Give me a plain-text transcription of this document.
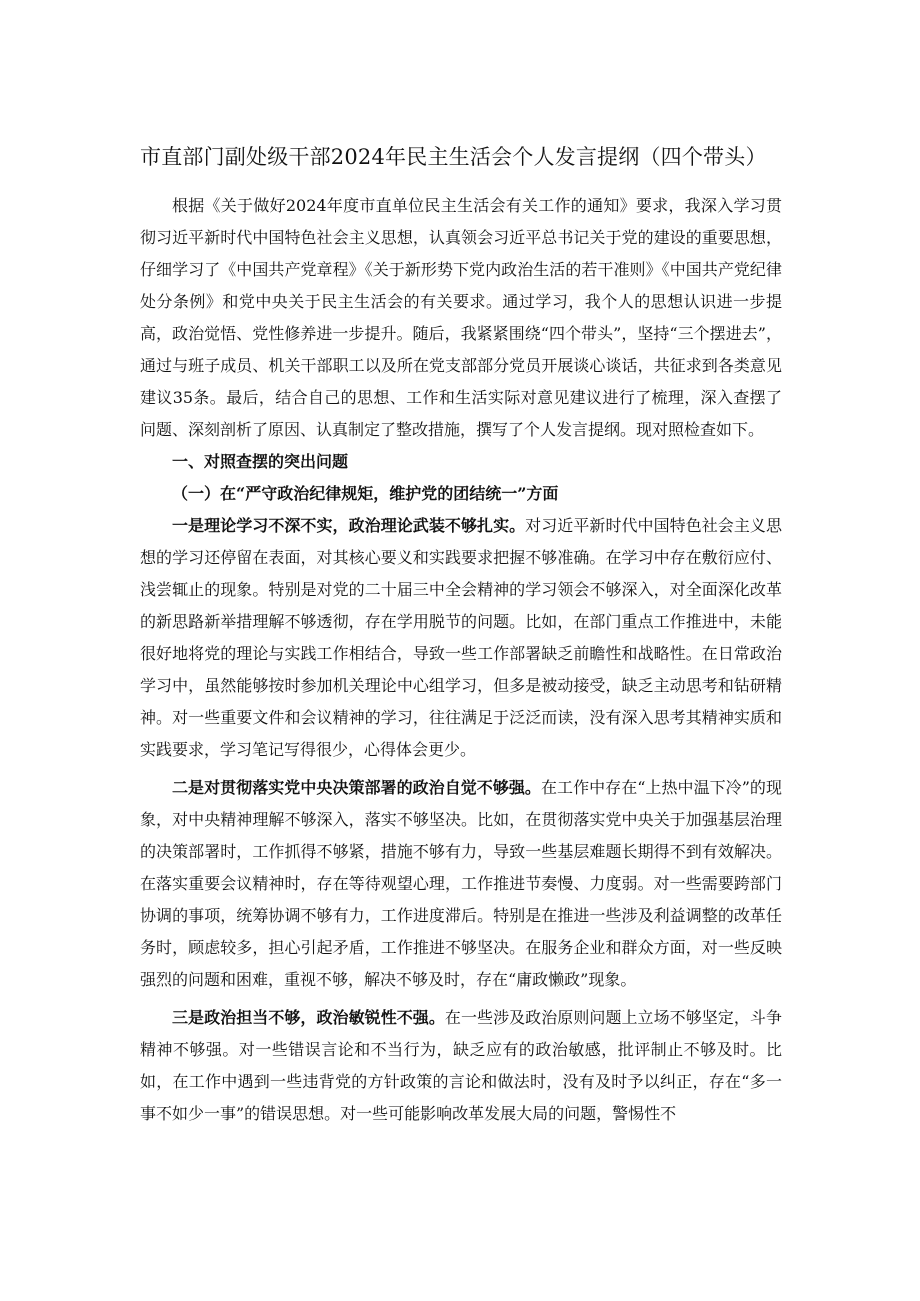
市直部门副处级干部2024年民主生活会个人发言提纲（四个带头）

根据《关于做好2024年度市直单位民主生活会有关工作的通知》要求，我深入学习贯彻习近平新时代中国特色社会主义思想，认真领会习近平总书记关于党的建设的重要思想，仔细学习了《中国共产党章程》《关于新形势下党内政治生活的若干准则》《中国共产党纪律处分条例》和党中央关于民主生活会的有关要求。通过学习，我个人的思想认识进一步提高，政治觉悟、党性修养进一步提升。随后，我紧紧围绕“四个带头”，坚持“三个摆进去”，通过与班子成员、机关干部职工以及所在党支部部分党员开展谈心谈话，共征求到各类意见建议35条。最后，结合自己的思想、工作和生活实际对意见建议进行了梳理，深入查摆了问题、深刻剖析了原因、认真制定了整改措施，撰写了个人发言提纲。现对照检查如下。

一、对照查摆的突出问题

（一）在“严守政治纪律规矩，维护党的团结统一”方面

一是理论学习不深不实，政治理论武装不够扎实。对习近平新时代中国特色社会主义思想的学习还停留在表面，对其核心要义和实践要求把握不够准确。在学习中存在敷衍应付、浅尝辄止的现象。特别是对党的二十届三中全会精神的学习领会不够深入，对全面深化改革的新思路新举措理解不够透彻，存在学用脱节的问题。比如，在部门重点工作推进中，未能很好地将党的理论与实践工作相结合，导致一些工作部署缺乏前瞻性和战略性。在日常政治学习中，虽然能够按时参加机关理论中心组学习，但多是被动接受，缺乏主动思考和钻研精神。对一些重要文件和会议精神的学习，往往满足于泛泛而读，没有深入思考其精神实质和实践要求，学习笔记写得很少，心得体会更少。

二是对贯彻落实党中央决策部署的政治自觉不够强。在工作中存在“上热中温下冷”的现象，对中央精神理解不够深入，落实不够坚决。比如，在贯彻落实党中央关于加强基层治理的决策部署时，工作抓得不够紧，措施不够有力，导致一些基层难题长期得不到有效解决。在落实重要会议精神时，存在等待观望心理，工作推进节奏慢、力度弱。对一些需要跨部门协调的事项，统筹协调不够有力，工作进度滞后。特别是在推进一些涉及利益调整的改革任务时，顾虑较多，担心引起矛盾，工作推进不够坚决。在服务企业和群众方面，对一些反映强烈的问题和困难，重视不够，解决不够及时，存在“庸政懒政”现象。

三是政治担当不够，政治敏锐性不强。在一些涉及政治原则问题上立场不够坚定，斗争精神不够强。对一些错误言论和不当行为，缺乏应有的政治敏感，批评制止不够及时。比如，在工作中遇到一些违背党的方针政策的言论和做法时，没有及时予以纠正，存在“多一事不如少一事”的错误思想。对一些可能影响改革发展大局的问题，警惕性不
